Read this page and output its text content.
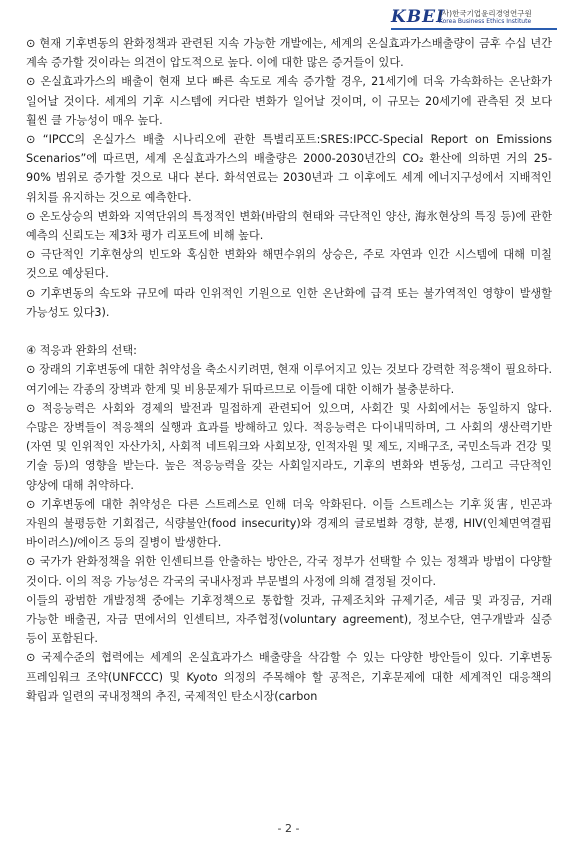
KBEI
(사)한국기업윤리경영연구원
Korea Business Ethics Institute

⊙ 현재 기후변동의 완화정책과 관련된 지속 가능한 개발에는, 세계의 온실효과가스배출량이 금후 수십 년간 계속 증가할 것이라는 의견이 압도적으로 높다. 이에 대한 많은 증거들이 있다.

⊙ 온실효과가스의 배출이 현재 보다 빠른 속도로 계속 증가할 경우, 21세기에 더욱 가속화하는 온난화가 일어날 것이다. 세계의 기후 시스템에 커다란 변화가 일어날 것이며, 이 규모는 20세기에 관측된 것 보다 훨씬 클 가능성이 매우 높다.

⊙ “IPCC의 온실가스 배출 시나리오에 관한 특별리포트:SRES:IPCC-Special Report on Emissions Scenarios”에 따르면, 세계 온실효과가스의 배출량은 2000-2030년간의 CO₂ 환산에 의하면 거의 25-90% 범위로 증가할 것으로 내다 본다. 화석연료는 2030년과 그 이후에도 세계 에너지구성에서 지배적인 위치를 유지하는 것으로 예측한다.

⊙ 온도상승의 변화와 지역단위의 특정적인 변화(바람의 현태와 극단적인 양산, 海氷현상의 특징 등)에 관한 예측의 신뢰도는 제3차 평가 리포트에 비해 높다.

⊙ 극단적인 기후현상의 빈도와 혹심한 변화와 해면수위의 상승은, 주로 자연과 인간 시스템에 대해 미칠 것으로 예상된다.

⊙ 기후변동의 속도와 규모에 따라 인위적인 기원으로 인한 온난화에 급격 또는 불가역적인 영향이 발생할 가능성도 있다3).

④ 적응과 완화의 선택:

⊙ 장래의 기후변동에 대한 취약성을 축소시키려면, 현재 이루어지고 있는 것보다 강력한 적응책이 필요하다. 여기에는 각종의 장벽과 한계 및 비용문제가 뒤따르므로 이들에 대한 이해가 불충분하다.

⊙ 적응능력은 사회와 경제의 발전과 밀접하게 관련되어 있으며, 사회간 및 사회에서는 동일하지 않다. 수많은 장벽들이 적응책의 실행과 효과를 방해하고 있다. 적응능력은 다이내믹하며, 그 사회의 생산력기반(자연 및 인위적인 자산가치, 사회적 네트워크와 사회보장, 인적자원 및 제도, 지배구조, 국민소득과 건강 및 기술 등)의 영향을 받는다. 높은 적응능력을 갖는 사회일지라도, 기후의 변화와 변동성, 그리고 극단적인 양상에 대해 취약하다.

⊙ 기후변동에 대한 취약성은 다른 스트레스로 인해 더욱 악화된다. 이들 스트레스는 기후災害, 빈곤과 자원의 불평등한 기회접근, 식량불안(food insecurity)와 경제의 글로벌화 경향, 분쟁, HIV(인체면역결핍 바이러스)/에이즈 등의 질병이 발생한다.

⊙ 국가가 완화정책을 위한 인센티브를 안출하는 방안은, 각국 정부가 선택할 수 있는 정책과 방법이 다양할 것이다. 이의 적응 가능성은 각국의 국내사정과 부문별의 사정에 의해 결정될 것이다.

이들의 광범한 개발정책 중에는 기후정책으로 통합할 것과, 규제조치와 규제기준, 세금 및 과징금, 거래 가능한 배출권, 자금 면에서의 인센티브, 자주협정(voluntary agreement), 정보수단, 연구개발과 실증 등이 포함된다.

⊙ 국제수준의 협력에는 세계의 온실효과가스 배출량을 삭감할 수 있는 다양한 방안들이 있다. 기후변동 프레임워크 조약(UNFCCC) 및 Kyoto 의정의 주목해야 할 공적은, 기후문제에 대한 세계적인 대응책의 확립과 일련의 국내정책의 추진, 국제적인 탄소시장(carbon

- 2 -
